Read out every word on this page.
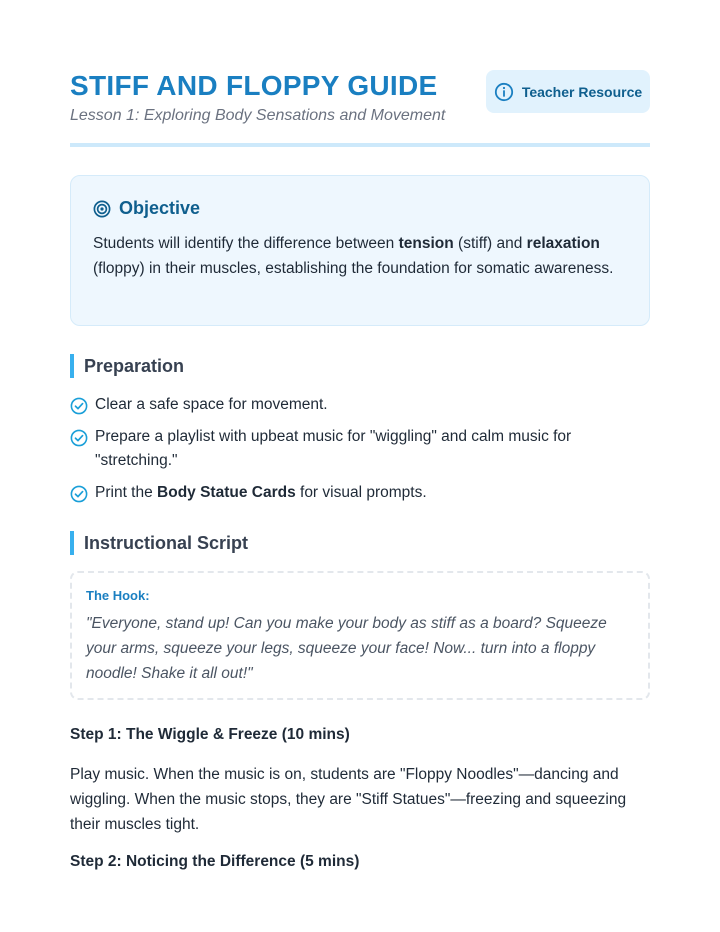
STIFF AND FLOPPY GUIDE
Lesson 1: Exploring Body Sensations and Movement
Teacher Resource
Objective

Students will identify the difference between tension (stiff) and relaxation (floppy) in their muscles, establishing the foundation for somatic awareness.

Preparation
Clear a safe space for movement.
Prepare a playlist with upbeat music for "wiggling" and calm music for "stretching."
Print the Body Statue Cards for visual prompts.
Instructional Script
The Hook:
"Everyone, stand up! Can you make your body as stiff as a board? Squeeze your arms, squeeze your legs, squeeze your face! Now... turn into a floppy noodle! Shake it all out!"
Step 1: The Wiggle & Freeze (10 mins)

Play music. When the music is on, students are "Floppy Noodles"—dancing and wiggling. When the music stops, they are "Stiff Statues"—freezing and squeezing their muscles tight.

Step 2: Noticing the Difference (5 mins)
